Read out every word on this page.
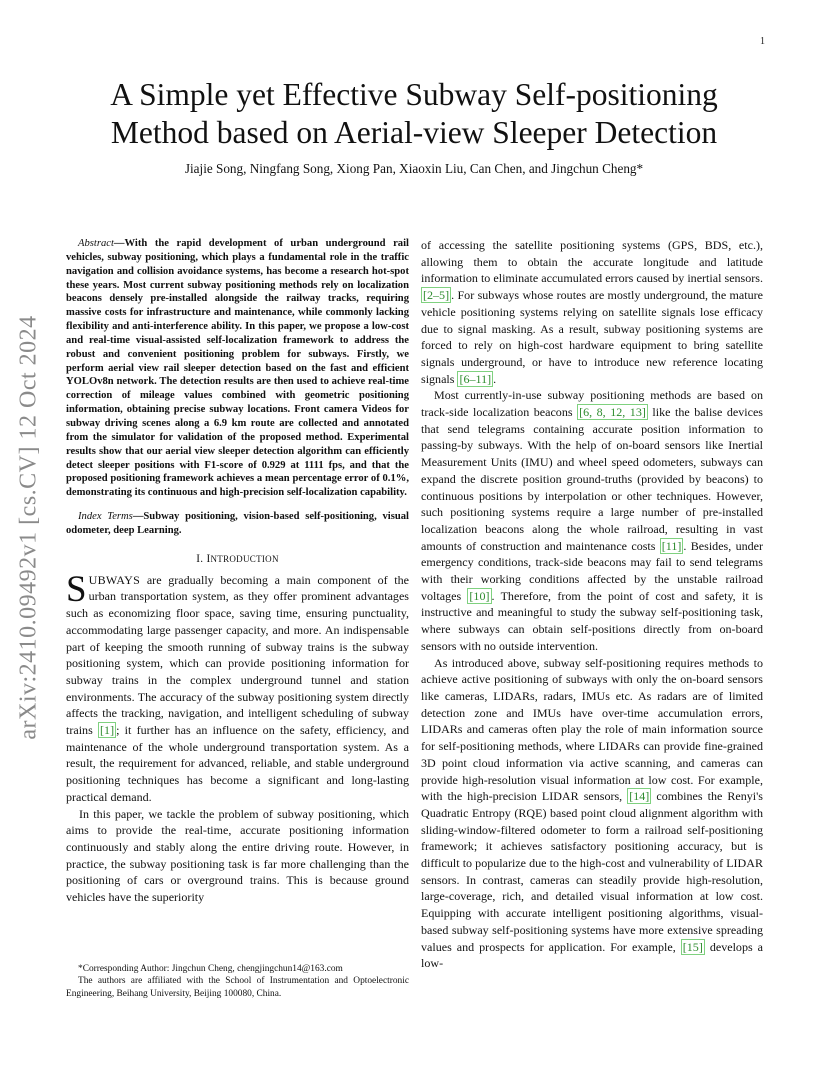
1
arXiv:2410.09492v1 [cs.CV] 12 Oct 2024
A Simple yet Effective Subway Self-positioning
Method based on Aerial-view Sleeper Detection
Jiajie Song, Ningfang Song, Xiong Pan, Xiaoxin Liu, Can Chen, and Jingchun Cheng*

Abstract—With the rapid development of urban underground rail vehicles, subway positioning, which plays a fundamental role in the traffic navigation and collision avoidance systems, has become a research hot-spot these years. Most current subway positioning methods rely on localization beacons densely pre-installed alongside the railway tracks, requiring massive costs for infrastructure and maintenance, while commonly lacking flexibility and anti-interference ability. In this paper, we propose a low-cost and real-time visual-assisted self-localization framework to address the robust and convenient positioning problem for subways. Firstly, we perform aerial view rail sleeper detection based on the fast and efficient YOLOv8n network. The detection results are then used to achieve real-time correction of mileage values combined with geometric positioning information, obtaining precise subway locations. Front camera Videos for subway driving scenes along a 6.9 km route are collected and annotated from the simulator for validation of the proposed method. Experimental results show that our aerial view sleeper detection algorithm can efficiently detect sleeper positions with F1-score of 0.929 at 1111 fps, and that the proposed positioning framework achieves a mean percentage error of 0.1%, demonstrating its continuous and high-precision self-localization capability.

Index Terms—Subway positioning, vision-based self-positioning, visual odometer, deep Learning.

I. INTRODUCTION

SUBWAYS are gradually becoming a main component of the urban transportation system, as they offer prominent advantages such as economizing floor space, saving time, ensuring punctuality, accommodating large passenger capacity, and more. An indispensable part of keeping the smooth running of subway trains is the subway positioning system, which can provide positioning information for subway trains in the complex underground tunnel and station environments. The accuracy of the subway positioning system directly affects the tracking, navigation, and intelligent scheduling of subway trains [1] ; it further has an influence on the safety, efficiency, and maintenance of the whole underground transportation system. As a result, the requirement for advanced, reliable, and stable underground positioning techniques has become a significant and long-lasting practical demand.

In this paper, we tackle the problem of subway positioning, which aims to provide the real-time, accurate positioning information continuously and stably along the entire driving route. However, in practice, the subway positioning task is far more challenging than the positioning of cars or overground trains. This is because ground vehicles have the superiority

of accessing the satellite positioning systems (GPS, BDS, etc.), allowing them to obtain the accurate longitude and latitude information to eliminate accumulated errors caused by inertial sensors. [2–5] . For subways whose routes are mostly underground, the mature vehicle positioning systems relying on satellite signals lose efficacy due to signal masking. As a result, subway positioning systems are forced to rely on high-cost hardware equipment to bring satellite signals underground, or have to introduce new reference locating signals [6–11] .

Most currently-in-use subway positioning methods are based on track-side localization beacons [6, 8, 12, 13] like the balise devices that send telegrams containing accurate position information to passing-by subways. With the help of on-board sensors like Inertial Measurement Units (IMU) and wheel speed odometers, subways can expand the discrete position ground-truths (provided by beacons) to continuous positions by interpolation or other techniques. However, such positioning systems require a large number of pre-installed localization beacons along the whole railroad, resulting in vast amounts of construction and maintenance costs [11] . Besides, under emergency conditions, track-side beacons may fail to send telegrams with their working conditions affected by the unstable railroad voltages [10] . Therefore, from the point of cost and safety, it is instructive and meaningful to study the subway self-positioning task, where subways can obtain self-positions directly from on-board sensors with no outside intervention.

As introduced above, subway self-positioning requires methods to achieve active positioning of subways with only the on-board sensors like cameras, LIDARs, radars, IMUs etc. As radars are of limited detection zone and IMUs have over-time accumulation errors, LIDARs and cameras often play the role of main information source for self-positioning methods, where LIDARs can provide fine-grained 3D point cloud information via active scanning, and cameras can provide high-resolution visual information at low cost. For example, with the high-precision LIDAR sensors, [14] combines the Renyi's Quadratic Entropy (RQE) based point cloud alignment algorithm with sliding-window-filtered odometer to form a railroad self-positioning framework; it achieves satisfactory positioning accuracy, but is difficult to popularize due to the high-cost and vulnerability of LIDAR sensors. In contrast, cameras can steadily provide high-resolution, large-coverage, rich, and detailed visual information at low cost. Equipping with accurate intelligent positioning algorithms, visual-based subway self-positioning systems have more extensive spreading values and prospects for application. For example, [15] develops a low-

*Corresponding Author: Jingchun Cheng, chengjingchun14@163.com

The authors are affiliated with the School of Instrumentation and Optoelectronic Engineering, Beihang University, Beijing 100080, China.
